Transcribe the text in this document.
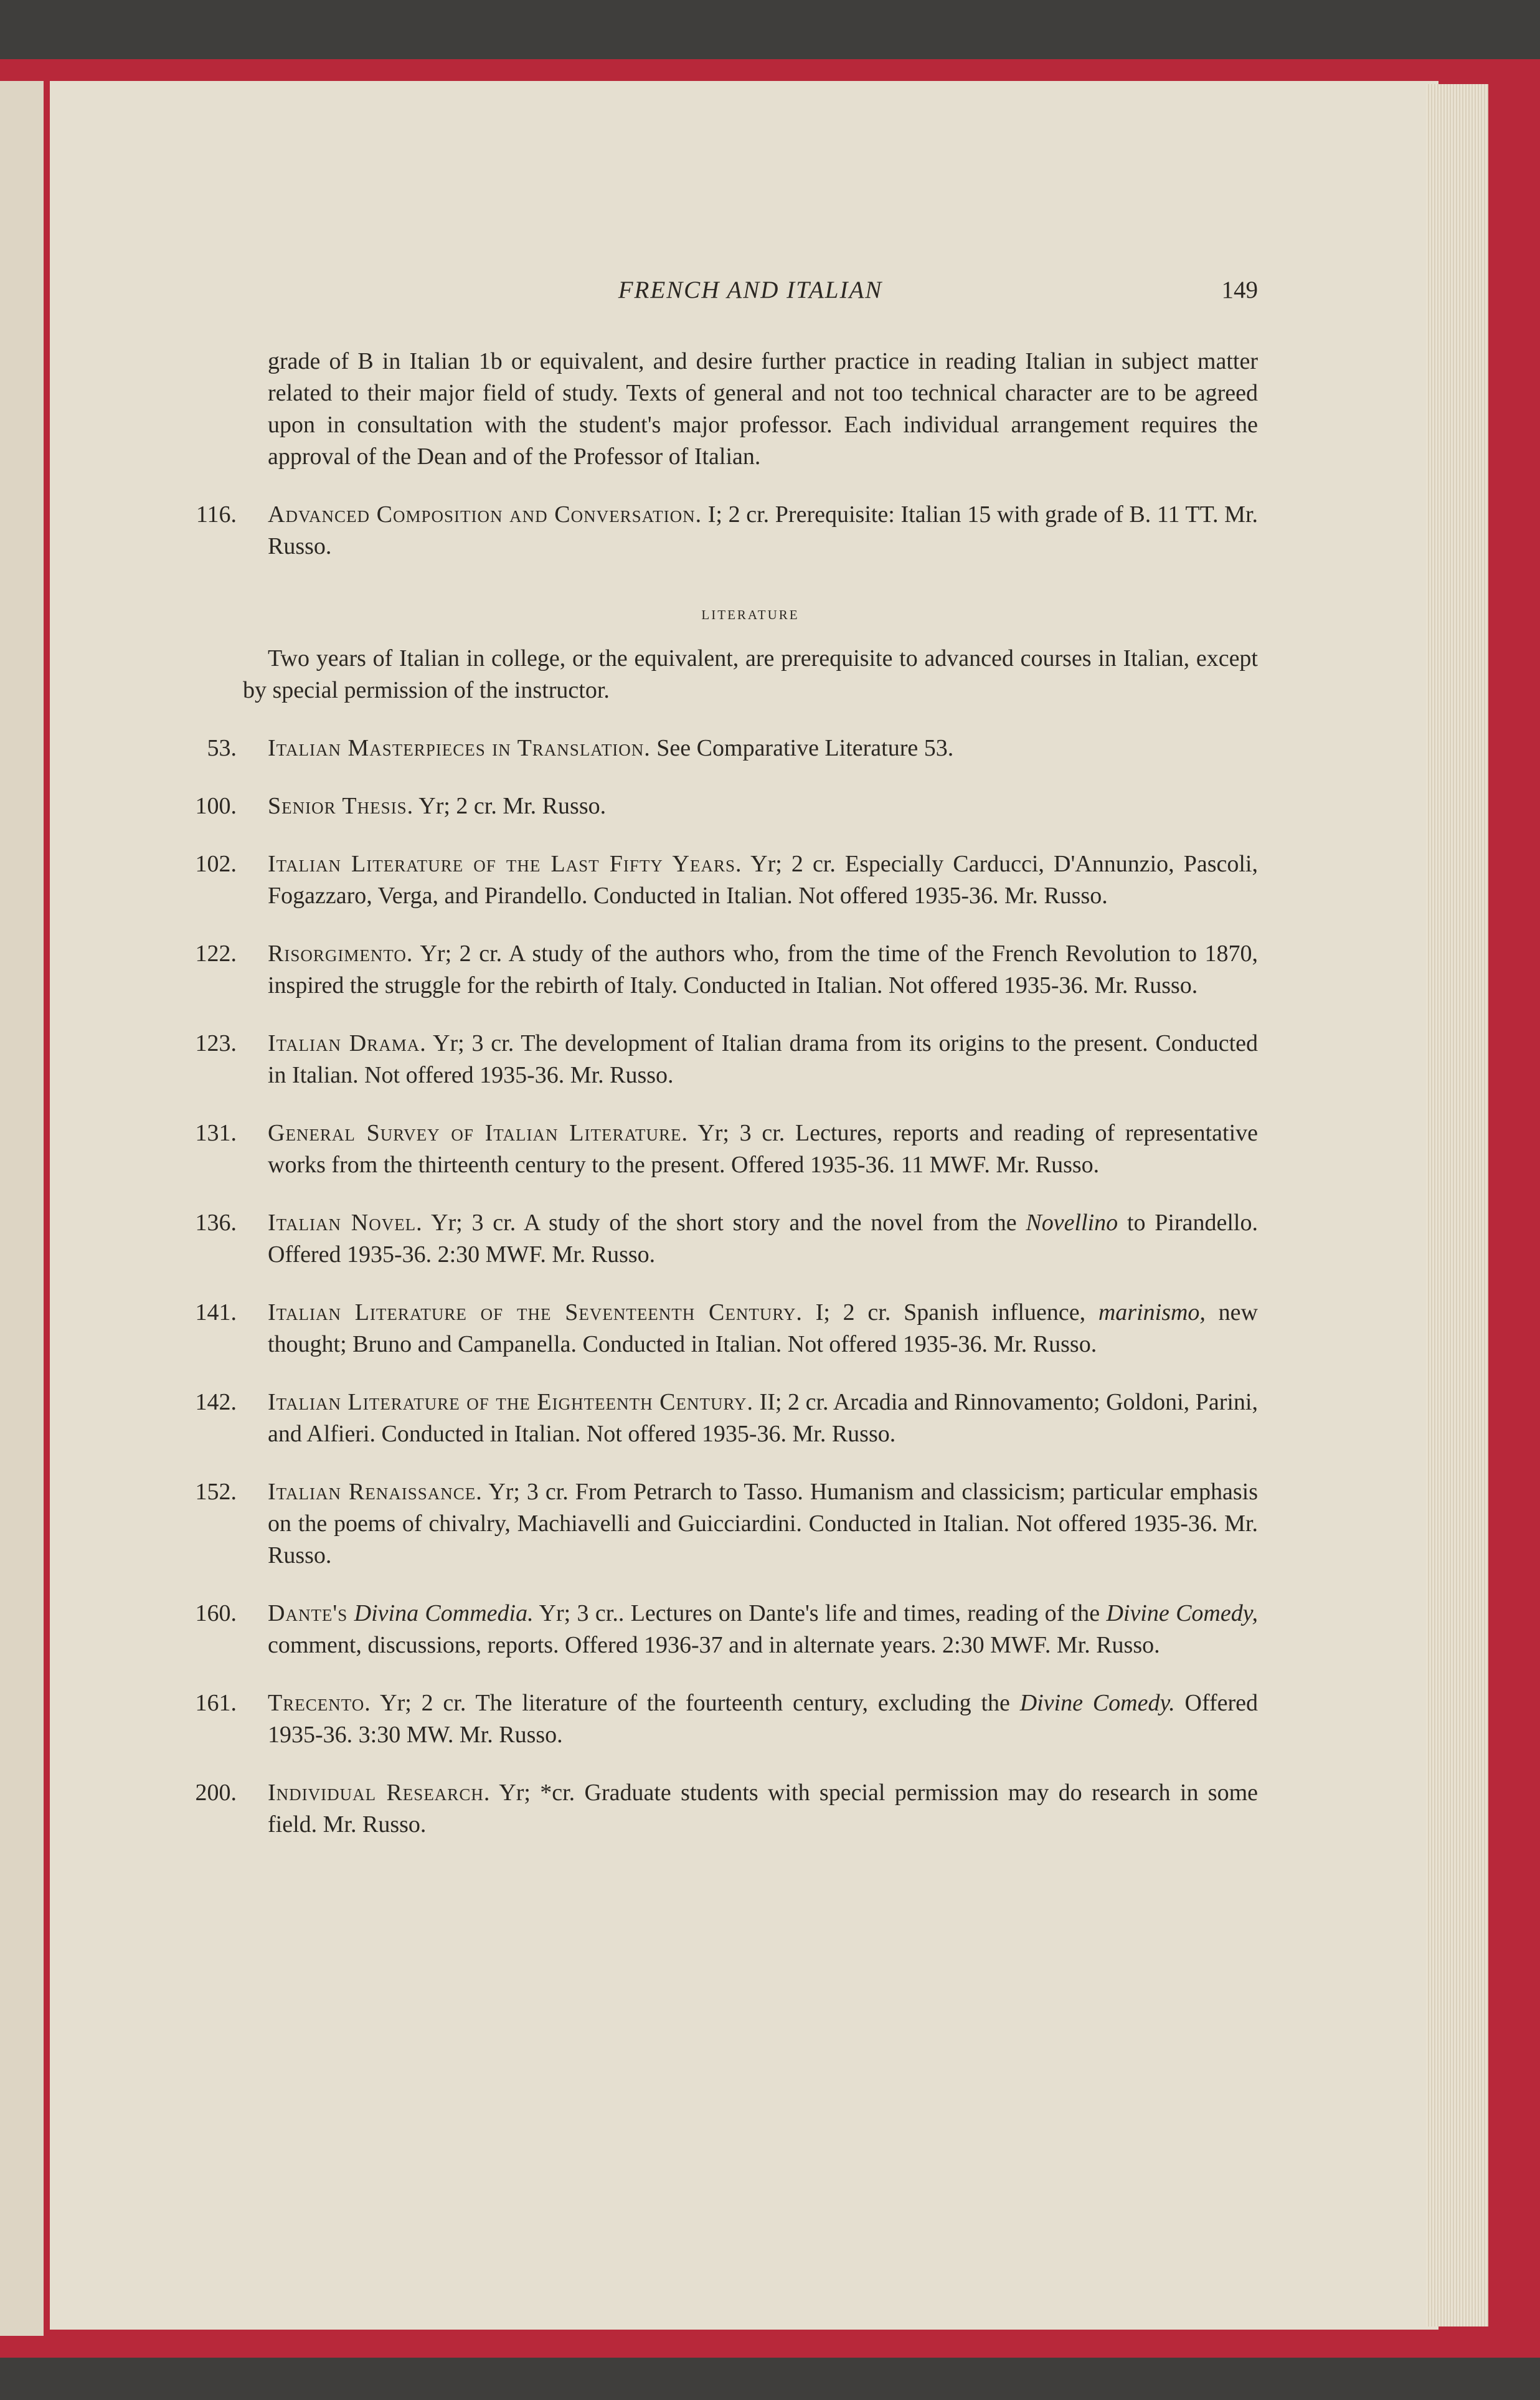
FRENCH AND ITALIAN	149

grade of B in Italian 1b or equivalent, and desire further practice in reading Italian in subject matter related to their major field of study. Texts of general and not too technical character are to be agreed upon in consultation with the student's major professor. Each individual arrangement requires the approval of the Dean and of the Professor of Italian.

116. Advanced Composition and Conversation. I; 2 cr. Prerequisite: Italian 15 with grade of B. 11 TT. Mr. Russo.
literature

Two years of Italian in college, or the equivalent, are prerequisite to advanced courses in Italian, except by special permission of the instructor.

53. Italian Masterpieces in Translation. See Comparative Literature 53.
100. Senior Thesis. Yr; 2 cr. Mr. Russo.
102. Italian Literature of the Last Fifty Years. Yr; 2 cr. Especially Carducci, D'Annunzio, Pascoli, Fogazzaro, Verga, and Pirandello. Conducted in Italian. Not offered 1935-36. Mr. Russo.
122. Risorgimento. Yr; 2 cr. A study of the authors who, from the time of the French Revolution to 1870, inspired the struggle for the rebirth of Italy. Conducted in Italian. Not offered 1935-36. Mr. Russo.
123. Italian Drama. Yr; 3 cr. The development of Italian drama from its origins to the present. Conducted in Italian. Not offered 1935-36. Mr. Russo.
131. General Survey of Italian Literature. Yr; 3 cr. Lectures, reports and reading of representative works from the thirteenth century to the present. Offered 1935-36. 11 MWF. Mr. Russo.
136. Italian Novel. Yr; 3 cr. A study of the short story and the novel from the Novellino to Pirandello. Offered 1935-36. 2:30 MWF. Mr. Russo.
141. Italian Literature of the Seventeenth Century. I; 2 cr. Spanish influence, marinismo, new thought; Bruno and Campanella. Conducted in Italian. Not offered 1935-36. Mr. Russo.
142. Italian Literature of the Eighteenth Century. II; 2 cr. Arcadia and Rinnovamento; Goldoni, Parini, and Alfieri. Conducted in Italian. Not offered 1935-36. Mr. Russo.
152. Italian Renaissance. Yr; 3 cr. From Petrarch to Tasso. Humanism and classicism; particular emphasis on the poems of chivalry, Machiavelli and Guicciardini. Conducted in Italian. Not offered 1935-36. Mr. Russo.
160. Dante's Divina Commedia. Yr; 3 cr.. Lectures on Dante's life and times, reading of the Divine Comedy, comment, discussions, reports. Offered 1936-37 and in alternate years. 2:30 MWF. Mr. Russo.
161. Trecento. Yr; 2 cr. The literature of the fourteenth century, excluding the Divine Comedy. Offered 1935-36. 3:30 MW. Mr. Russo.
200. Individual Research. Yr; *cr. Graduate students with special permission may do research in some field. Mr. Russo.
